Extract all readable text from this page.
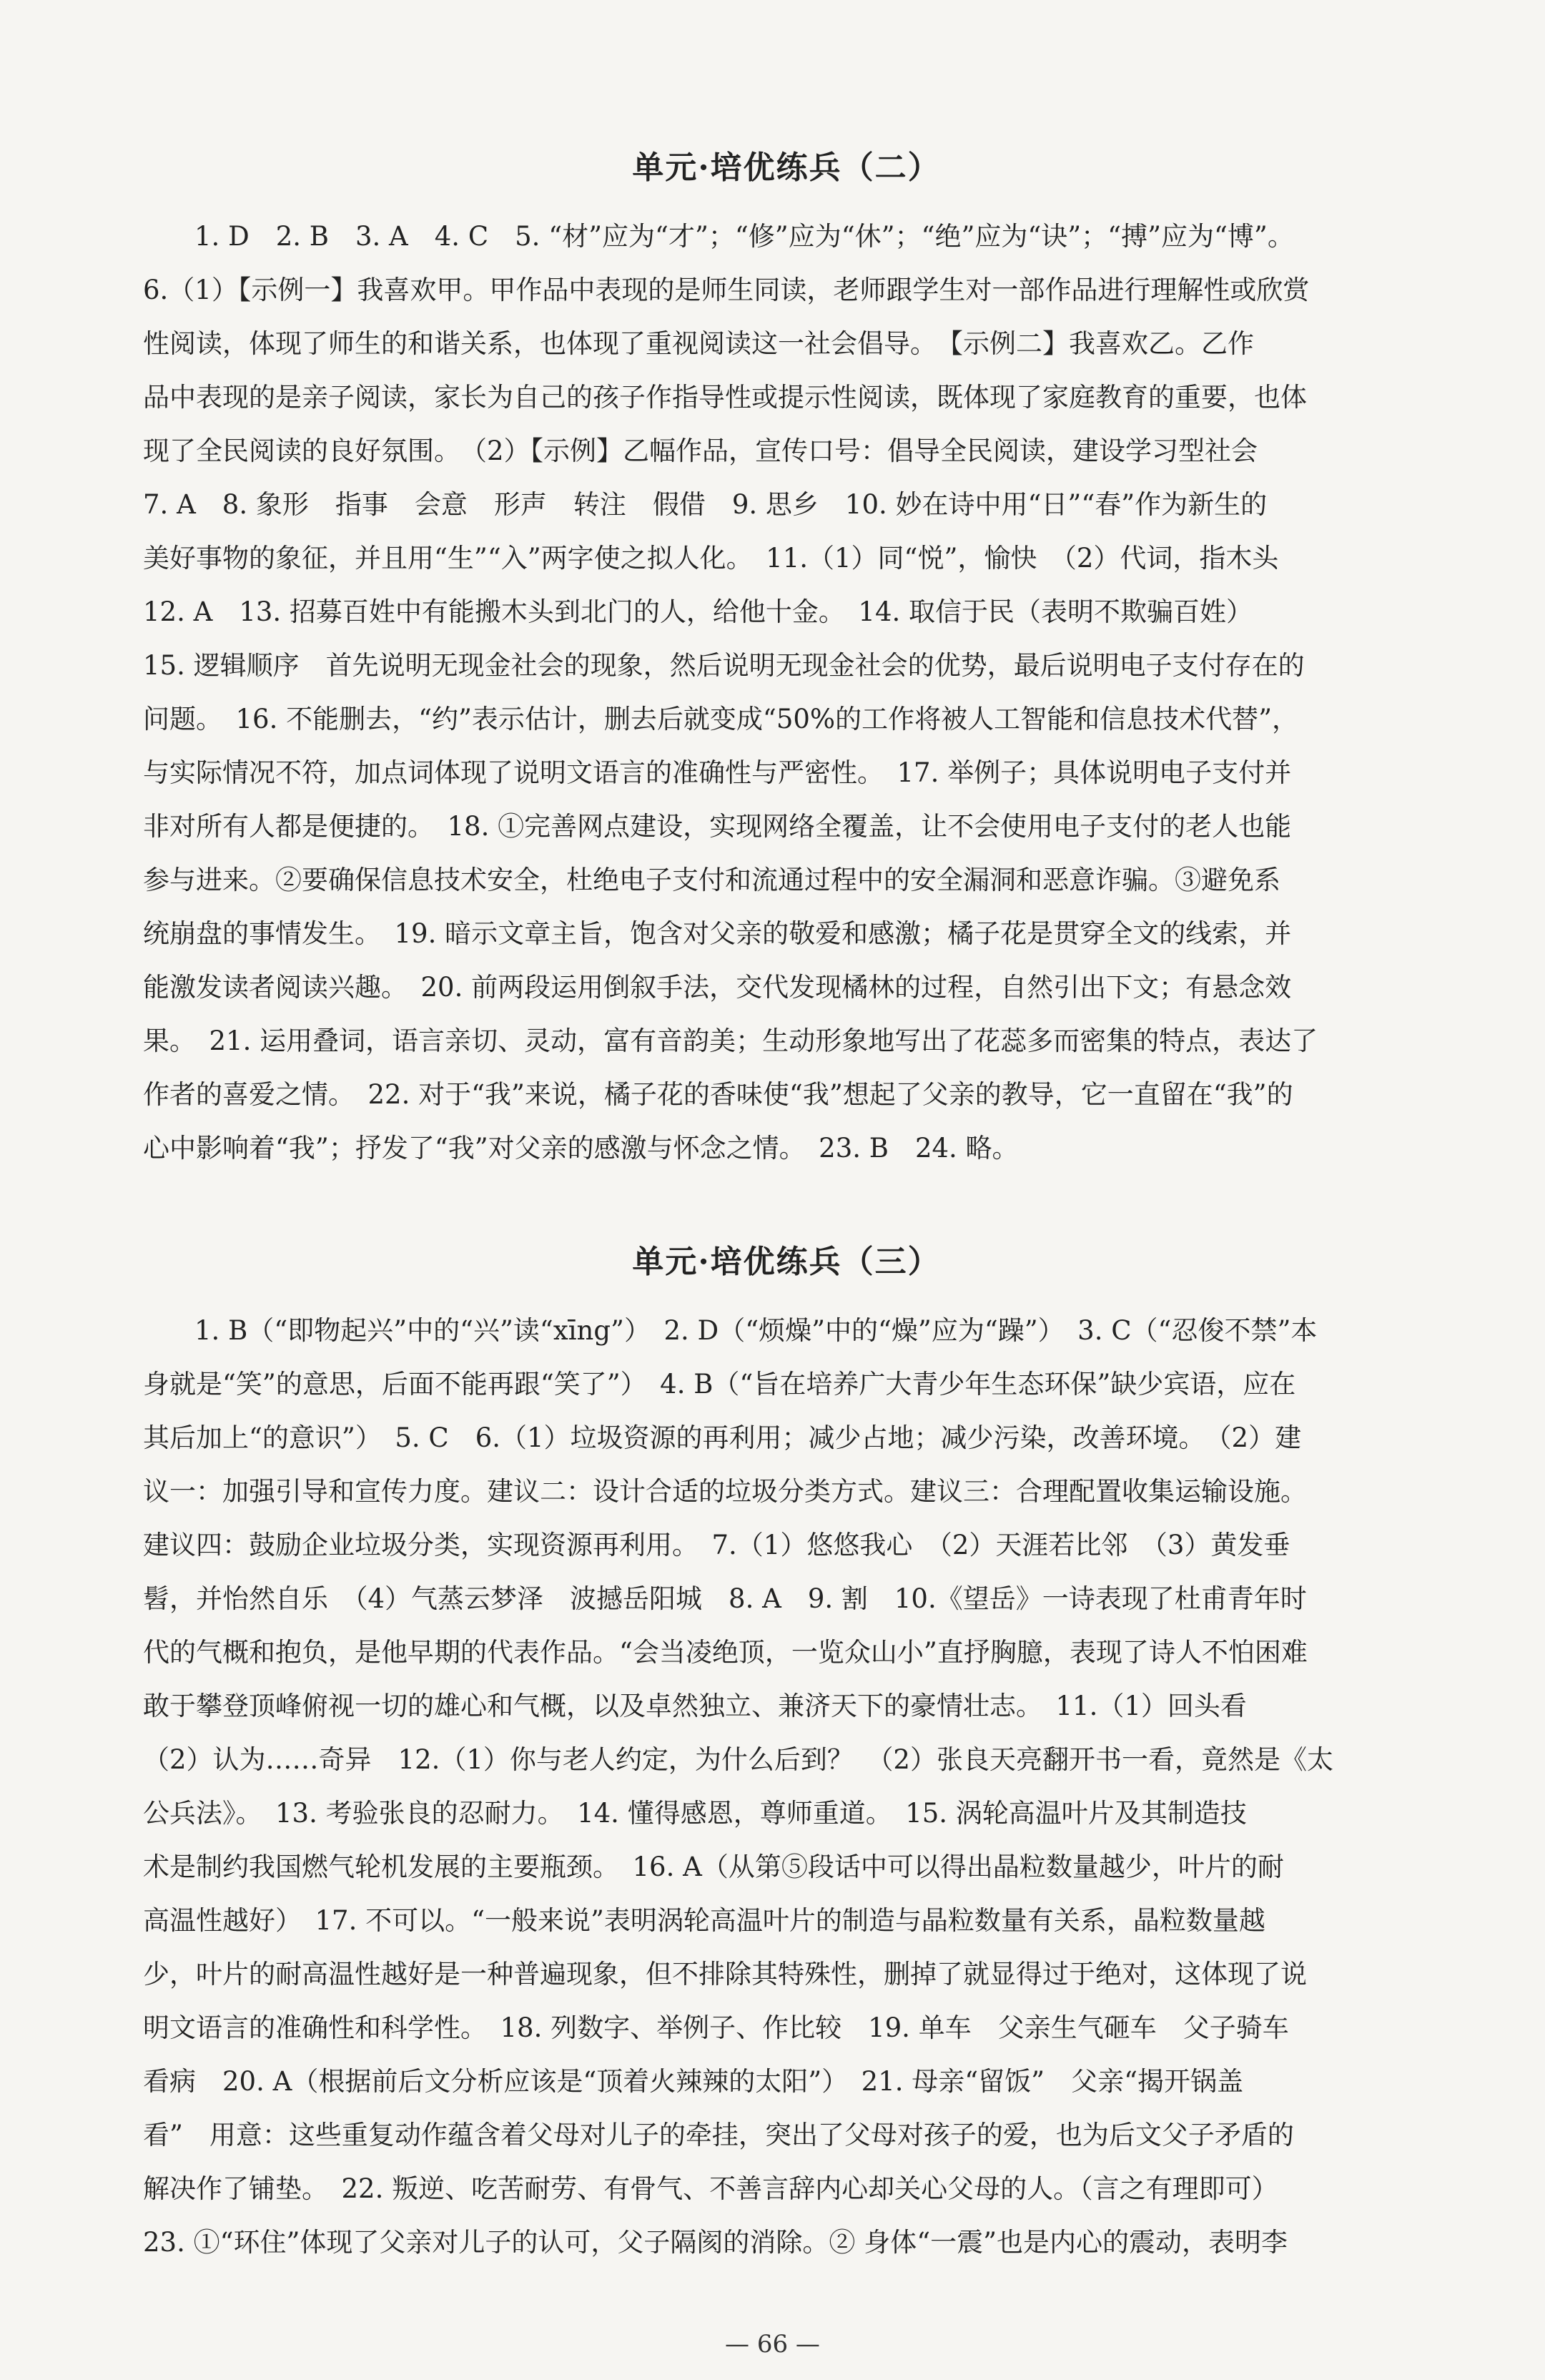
单元·培优练兵（二）
1. D　2. B　3. A　4. C　5. “材”应为“才”；“修”应为“休”；“绝”应为“诀”；“搏”应为“博”。
6.（1）【示例一】我喜欢甲。甲作品中表现的是师生同读，老师跟学生对一部作品进行理解性或欣赏
性阅读，体现了师生的和谐关系，也体现了重视阅读这一社会倡导。　【示例二】我喜欢乙。乙作
品中表现的是亲子阅读，家长为自己的孩子作指导性或提示性阅读，既体现了家庭教育的重要，也体
现了全民阅读的良好氛围。　（2）【示例】乙幅作品，宣传口号：倡导全民阅读，建设学习型社会
7. A　8. 象形　指事　会意　形声　转注　假借　9. 思乡　10. 妙在诗中用“日”“春”作为新生的
美好事物的象征，并且用“生”“入”两字使之拟人化。　11.（1）同“悦”，愉快　（2）代词，指木头
12. A　13. 招募百姓中有能搬木头到北门的人，给他十金。　14. 取信于民（表明不欺骗百姓）
15. 逻辑顺序　首先说明无现金社会的现象，然后说明无现金社会的优势，最后说明电子支付存在的
问题。　16. 不能删去，“约”表示估计，删去后就变成“50%的工作将被人工智能和信息技术代替”，
与实际情况不符，加点词体现了说明文语言的准确性与严密性。　17. 举例子；具体说明电子支付并
非对所有人都是便捷的。　18. ①完善网点建设，实现网络全覆盖，让不会使用电子支付的老人也能
参与进来。②要确保信息技术安全，杜绝电子支付和流通过程中的安全漏洞和恶意诈骗。③避免系
统崩盘的事情发生。　19. 暗示文章主旨，饱含对父亲的敬爱和感激；橘子花是贯穿全文的线索，并
能激发读者阅读兴趣。　20. 前两段运用倒叙手法，交代发现橘林的过程，自然引出下文；有悬念效
果。　21. 运用叠词，语言亲切、灵动，富有音韵美；生动形象地写出了花蕊多而密集的特点，表达了
作者的喜爱之情。　22. 对于“我”来说，橘子花的香味使“我”想起了父亲的教导，它一直留在“我”的
心中影响着“我”；抒发了“我”对父亲的感激与怀念之情。　23. B　24. 略。
单元·培优练兵（三）
1. B（“即物起兴”中的“兴”读“xīng”）　2. D（“烦燥”中的“燥”应为“躁”）　3. C（“忍俊不禁”本
身就是“笑”的意思，后面不能再跟“笑了”）　4. B（“旨在培养广大青少年生态环保”缺少宾语，应在
其后加上“的意识”）　5. C　6.（1）垃圾资源的再利用；减少占地；减少污染，改善环境。　（2）建
议一：加强引导和宣传力度。建议二：设计合适的垃圾分类方式。建议三：合理配置收集运输设施。
建议四：鼓励企业垃圾分类，实现资源再利用。　7.（1）悠悠我心　（2）天涯若比邻　（3）黄发垂
髫，并怡然自乐　（4）气蒸云梦泽　波撼岳阳城　8. A　9. 割　10.《望岳》一诗表现了杜甫青年时
代的气概和抱负，是他早期的代表作品。“会当凌绝顶，一览众山小”直抒胸臆，表现了诗人不怕困难
敢于攀登顶峰俯视一切的雄心和气概，以及卓然独立、兼济天下的豪情壮志。　11.（1）回头看
（2）认为……奇异　12.（1）你与老人约定，为什么后到？　（2）张良天亮翻开书一看，竟然是《太
公兵法》。　13. 考验张良的忍耐力。　14. 懂得感恩，尊师重道。　15. 涡轮高温叶片及其制造技
术是制约我国燃气轮机发展的主要瓶颈。　16. A（从第⑤段话中可以得出晶粒数量越少，叶片的耐
高温性越好）　17. 不可以。“一般来说”表明涡轮高温叶片的制造与晶粒数量有关系，晶粒数量越
少，叶片的耐高温性越好是一种普遍现象，但不排除其特殊性，删掉了就显得过于绝对，这体现了说
明文语言的准确性和科学性。　18. 列数字、举例子、作比较　19. 单车　父亲生气砸车　父子骑车
看病　20. A（根据前后文分析应该是“顶着火辣辣的太阳”）　21. 母亲“留饭”　父亲“揭开锅盖
看”　用意：这些重复动作蕴含着父母对儿子的牵挂，突出了父母对孩子的爱，也为后文父子矛盾的
解决作了铺垫。　22. 叛逆、吃苦耐劳、有骨气、不善言辞内心却关心父母的人。（言之有理即可）
23. ①“环住”体现了父亲对儿子的认可，父子隔阂的消除。② 身体“一震”也是内心的震动，表明李
— 66 —
